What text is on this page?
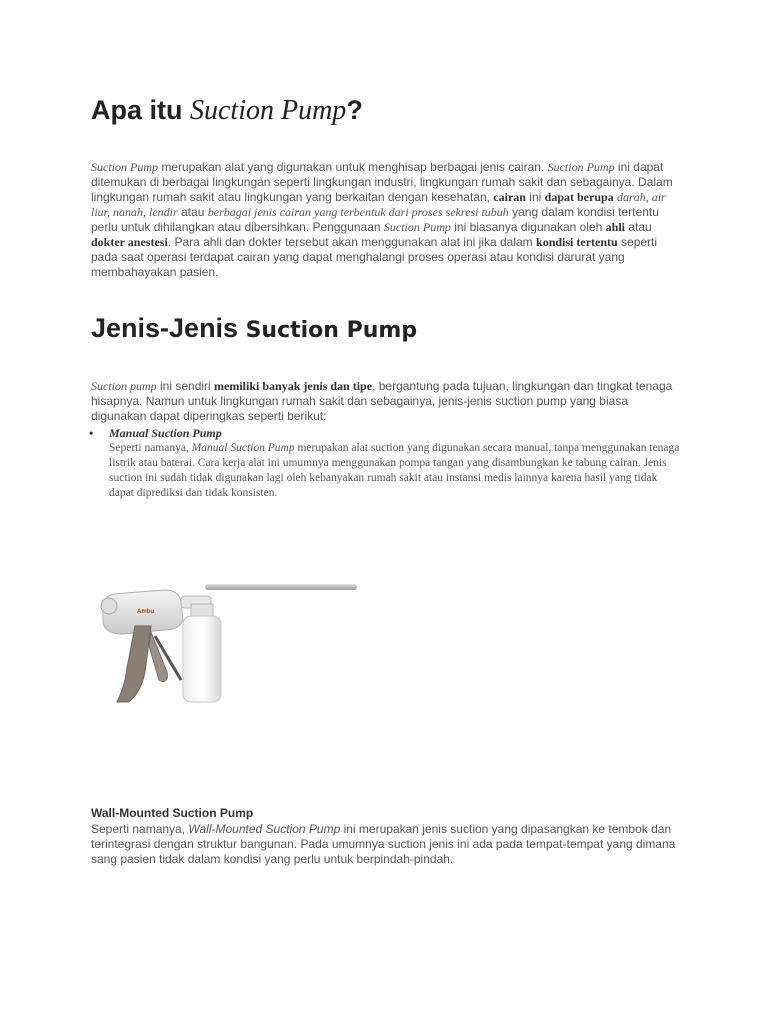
Apa itu Suction Pump?

Suction Pump merupakan alat yang digunakan untuk menghisap berbagai jenis cairan. Suction Pump ini dapat ditemukan di berbagai lingkungan seperti lingkungan industri, lingkungan rumah sakit dan sebagainya. Dalam lingkungan rumah sakit atau lingkungan yang berkaitan dengan kesehatan, cairan ini dapat berupa darah, air liur, nanah, lendir atau berbagai jenis cairan yang terbentuk dari proses sekresi tubuh yang dalam kondisi tertentu perlu untuk dihilangkan atau dibersihkan. Penggunaan Suction Pump ini biasanya digunakan oleh ahli atau dokter anestesi. Para ahli dan dokter tersebut akan menggunakan alat ini jika dalam kondisi tertentu seperti pada saat operasi terdapat cairan yang dapat menghalangi proses operasi atau kondisi darurat yang membahayakan pasien.

Jenis-Jenis Suction Pump

Suction pump ini sendiri memiliki banyak jenis dan tipe, bergantung pada tujuan, lingkungan dan tingkat tenaga hisapnya. Namun untuk lingkungan rumah sakit dan sebagainya, jenis-jenis suction pump yang biasa digunakan dapat diperingkas seperti berikut:

• Manual Suction Pump
Seperti namanya, Manual Suction Pump merupakan alat suction yang digunakan secara manual, tanpa menggunakan tenaga listrik atau baterai. Cara kerja alat ini umumnya menggunakan pompa tangan yang disambungkan ke tabung cairan. Jenis suction ini sudah tidak digunakan lagi oleh kebanyakan rumah sakit atau instansi medis lainnya karena hasil yang tidak dapat diprediksi dan tidak konsisten.
Ambu
Wall-Mounted Suction Pump

Seperti namanya, Wall-Mounted Suction Pump ini merupakan jenis suction yang dipasangkan ke tembok dan terintegrasi dengan struktur bangunan. Pada umumnya suction jenis ini ada pada tempat-tempat yang dimana sang pasien tidak dalam kondisi yang perlu untuk berpindah-pindah.
